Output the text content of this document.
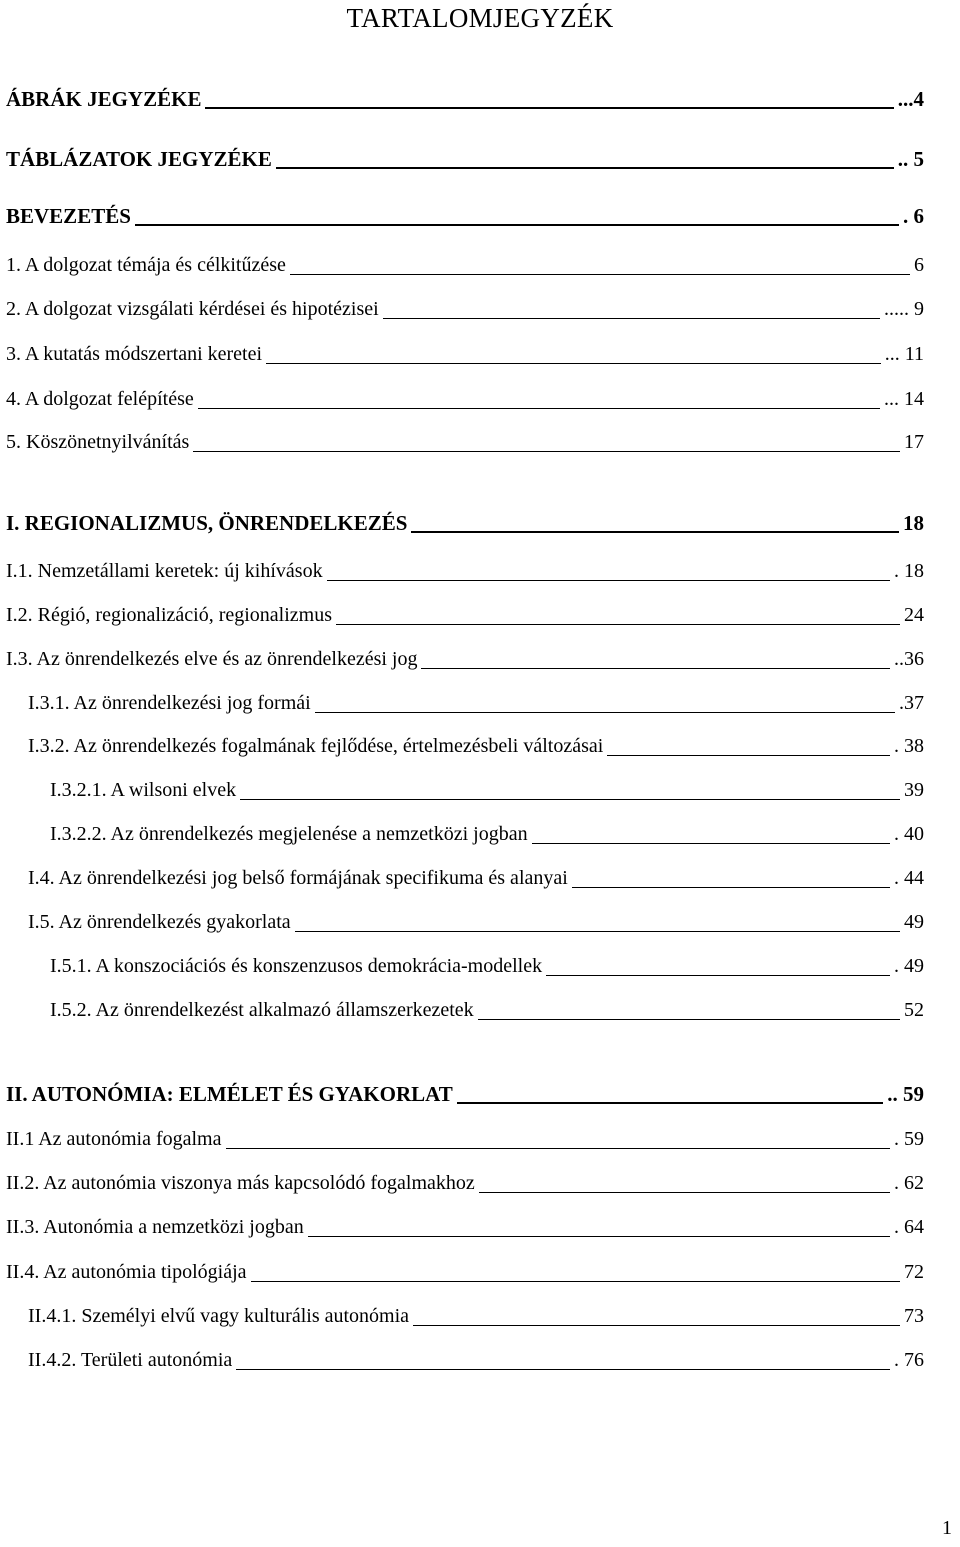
TARTALOMJEGYZÉK
ÁBRÁK JEGYZÉKE	...4
TÁBLÁZATOK JEGYZÉKE	.. 5
BEVEZETÉS	. 6
1. A dolgozat témája és célkitűzése	6
2. A dolgozat vizsgálati kérdései és hipotézisei	..... 9
3. A kutatás módszertani keretei	... 11
4. A dolgozat felépítése	... 14
5. Köszönetnyilvánítás	17
I. REGIONALIZMUS, ÖNRENDELKEZÉS	18
I.1. Nemzetállami keretek: új kihívások	. 18
I.2. Régió, regionalizáció, regionalizmus	24
I.3. Az önrendelkezés elve és az önrendelkezési jog	..36
I.3.1. Az önrendelkezési jog formái	.37
I.3.2. Az önrendelkezés fogalmának fejlődése, értelmezésbeli változásai	. 38
I.3.2.1. A wilsoni elvek	39
I.3.2.2. Az önrendelkezés megjelenése a nemzetközi jogban	. 40
I.4. Az önrendelkezési jog belső formájának specifikuma és alanyai	. 44
I.5. Az önrendelkezés gyakorlata	49
I.5.1. A konszociációs és konszenzusos demokrácia-modellek	. 49
I.5.2. Az önrendelkezést alkalmazó államszerkezetek	52
II. AUTONÓMIA: ELMÉLET ÉS GYAKORLAT	.. 59
II.1 Az autonómia fogalma	. 59
II.2. Az autonómia viszonya más kapcsolódó fogalmakhoz	. 62
II.3. Autonómia a nemzetközi jogban	. 64
II.4. Az autonómia tipológiája	72
II.4.1. Személyi elvű vagy kulturális autonómia	73
II.4.2. Területi autonómia	. 76
1
